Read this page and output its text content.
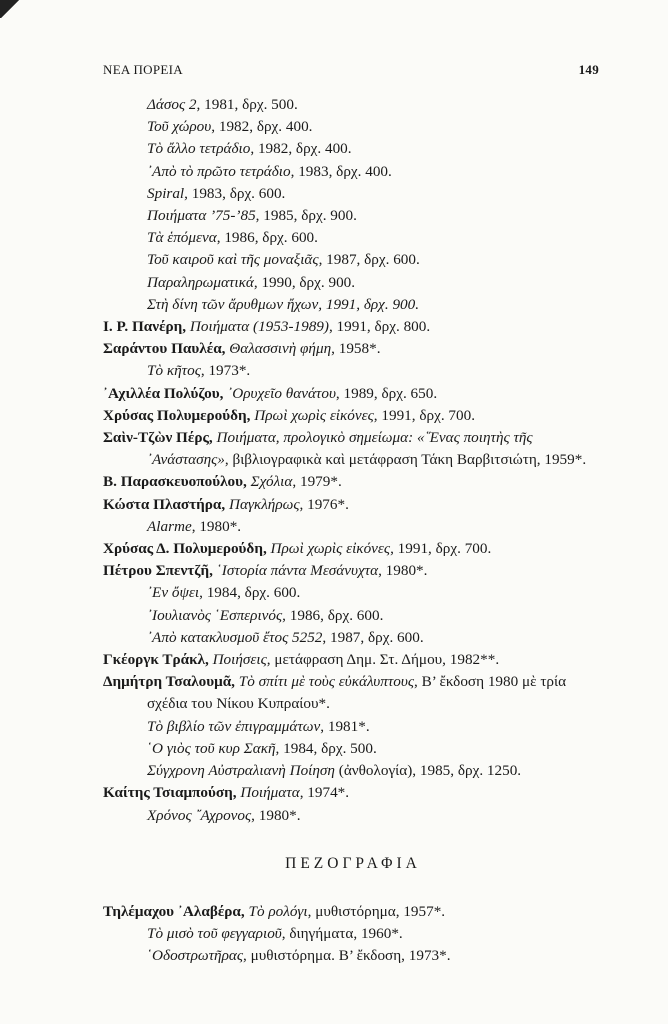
ΝΕΑ ΠΟΡΕΙΑ	149

Δάσος 2, 1981, δρχ. 500.

Τοῦ χώρου, 1982, δρχ. 400.

Τὸ ἄλλο τετράδιο, 1982, δρχ. 400.

᾿Απὸ τὸ πρῶτο τετράδιο, 1983, δρχ. 400.

Spiral, 1983, δρχ. 600.

Ποιήματα ’75-’85, 1985, δρχ. 900.

Τὰ ἑπόμενα, 1986, δρχ. 600.

Τοῦ καιροῦ καὶ τῆς μοναξιᾶς, 1987, δρχ. 600.

Παραληρωματικά, 1990, δρχ. 900.

Στὴ δίνη τῶν ἄρυθμων ἤχων, 1991, δρχ. 900.

Ι. Ρ. Πανέρη, Ποιήματα (1953-1989), 1991, δρχ. 800.

Σαράντου Παυλέα, Θαλασσινὴ φήμη, 1958*.

Τὸ κῆτος, 1973*.

᾿Αχιλλέα Πολύζου, ᾿Ορυχεῖο θανάτου, 1989, δρχ. 650.

Χρύσας Πολυμερούδη, Πρωὶ χωρὶς εἰκόνες, 1991, δρχ. 700.

Σαὶν-Τζὼν Πέρς, Ποιήματα, προλογικὸ σημείωμα: «῞Ενας ποιητὴς τῆς ᾿Ανάστασης», βιβλιογραφικὰ καὶ μετάφραση Τάκη Βαρβιτσιώτη, 1959*.

Β. Παρασκευοπούλου, Σχόλια, 1979*.

Κώστα Πλαστήρα, Παγκλήρως, 1976*.

Alarme, 1980*.

Χρύσας Δ. Πολυμερούδη, Πρωὶ χωρὶς εἰκόνες, 1991, δρχ. 700.

Πέτρου Σπεντζῆ, ῾Ιστορία πάντα Μεσάνυχτα, 1980*.

᾿Εν ὄψει, 1984, δρχ. 600.

᾿Ιουλιανὸς ῾Εσπερινός, 1986, δρχ. 600.

᾿Απὸ κατακλυσμοῦ ἔτος 5252, 1987, δρχ. 600.

Γκέοργκ Τράκλ, Ποιήσεις, μετάφραση Δημ. Στ. Δήμου, 1982**.

Δημήτρη Τσαλουμᾶ, Τὸ σπίτι μὲ τοὺς εὐκάλυπτους, Β’ ἔκδοση 1980 μὲ τρία σχέδια του Νίκου Κυπραίου*.

Τὸ βιβλίο τῶν ἐπιγραμμάτων, 1981*.

῾Ο γιὸς τοῦ κυρ Σακῆ, 1984, δρχ. 500.

Σύγχρονη Αὐστραλιανὴ Ποίηση (ἀνθολογία), 1985, δρχ. 1250.

Καίτης Τσιαμπούση, Ποιήματα, 1974*.

Χρόνος ῎Αχρονος, 1980*.

ΠΕΖΟΓΡΑΦΙΑ

Τηλέμαχου ᾿Αλαβέρα, Τὸ ρολόγι, μυθιστόρημα, 1957*.

Τὸ μισὸ τοῦ φεγγαριοῦ, διηγήματα, 1960*.

῾Οδοστρωτῆρας, μυθιστόρημα. Β’ ἔκδοση, 1973*.
